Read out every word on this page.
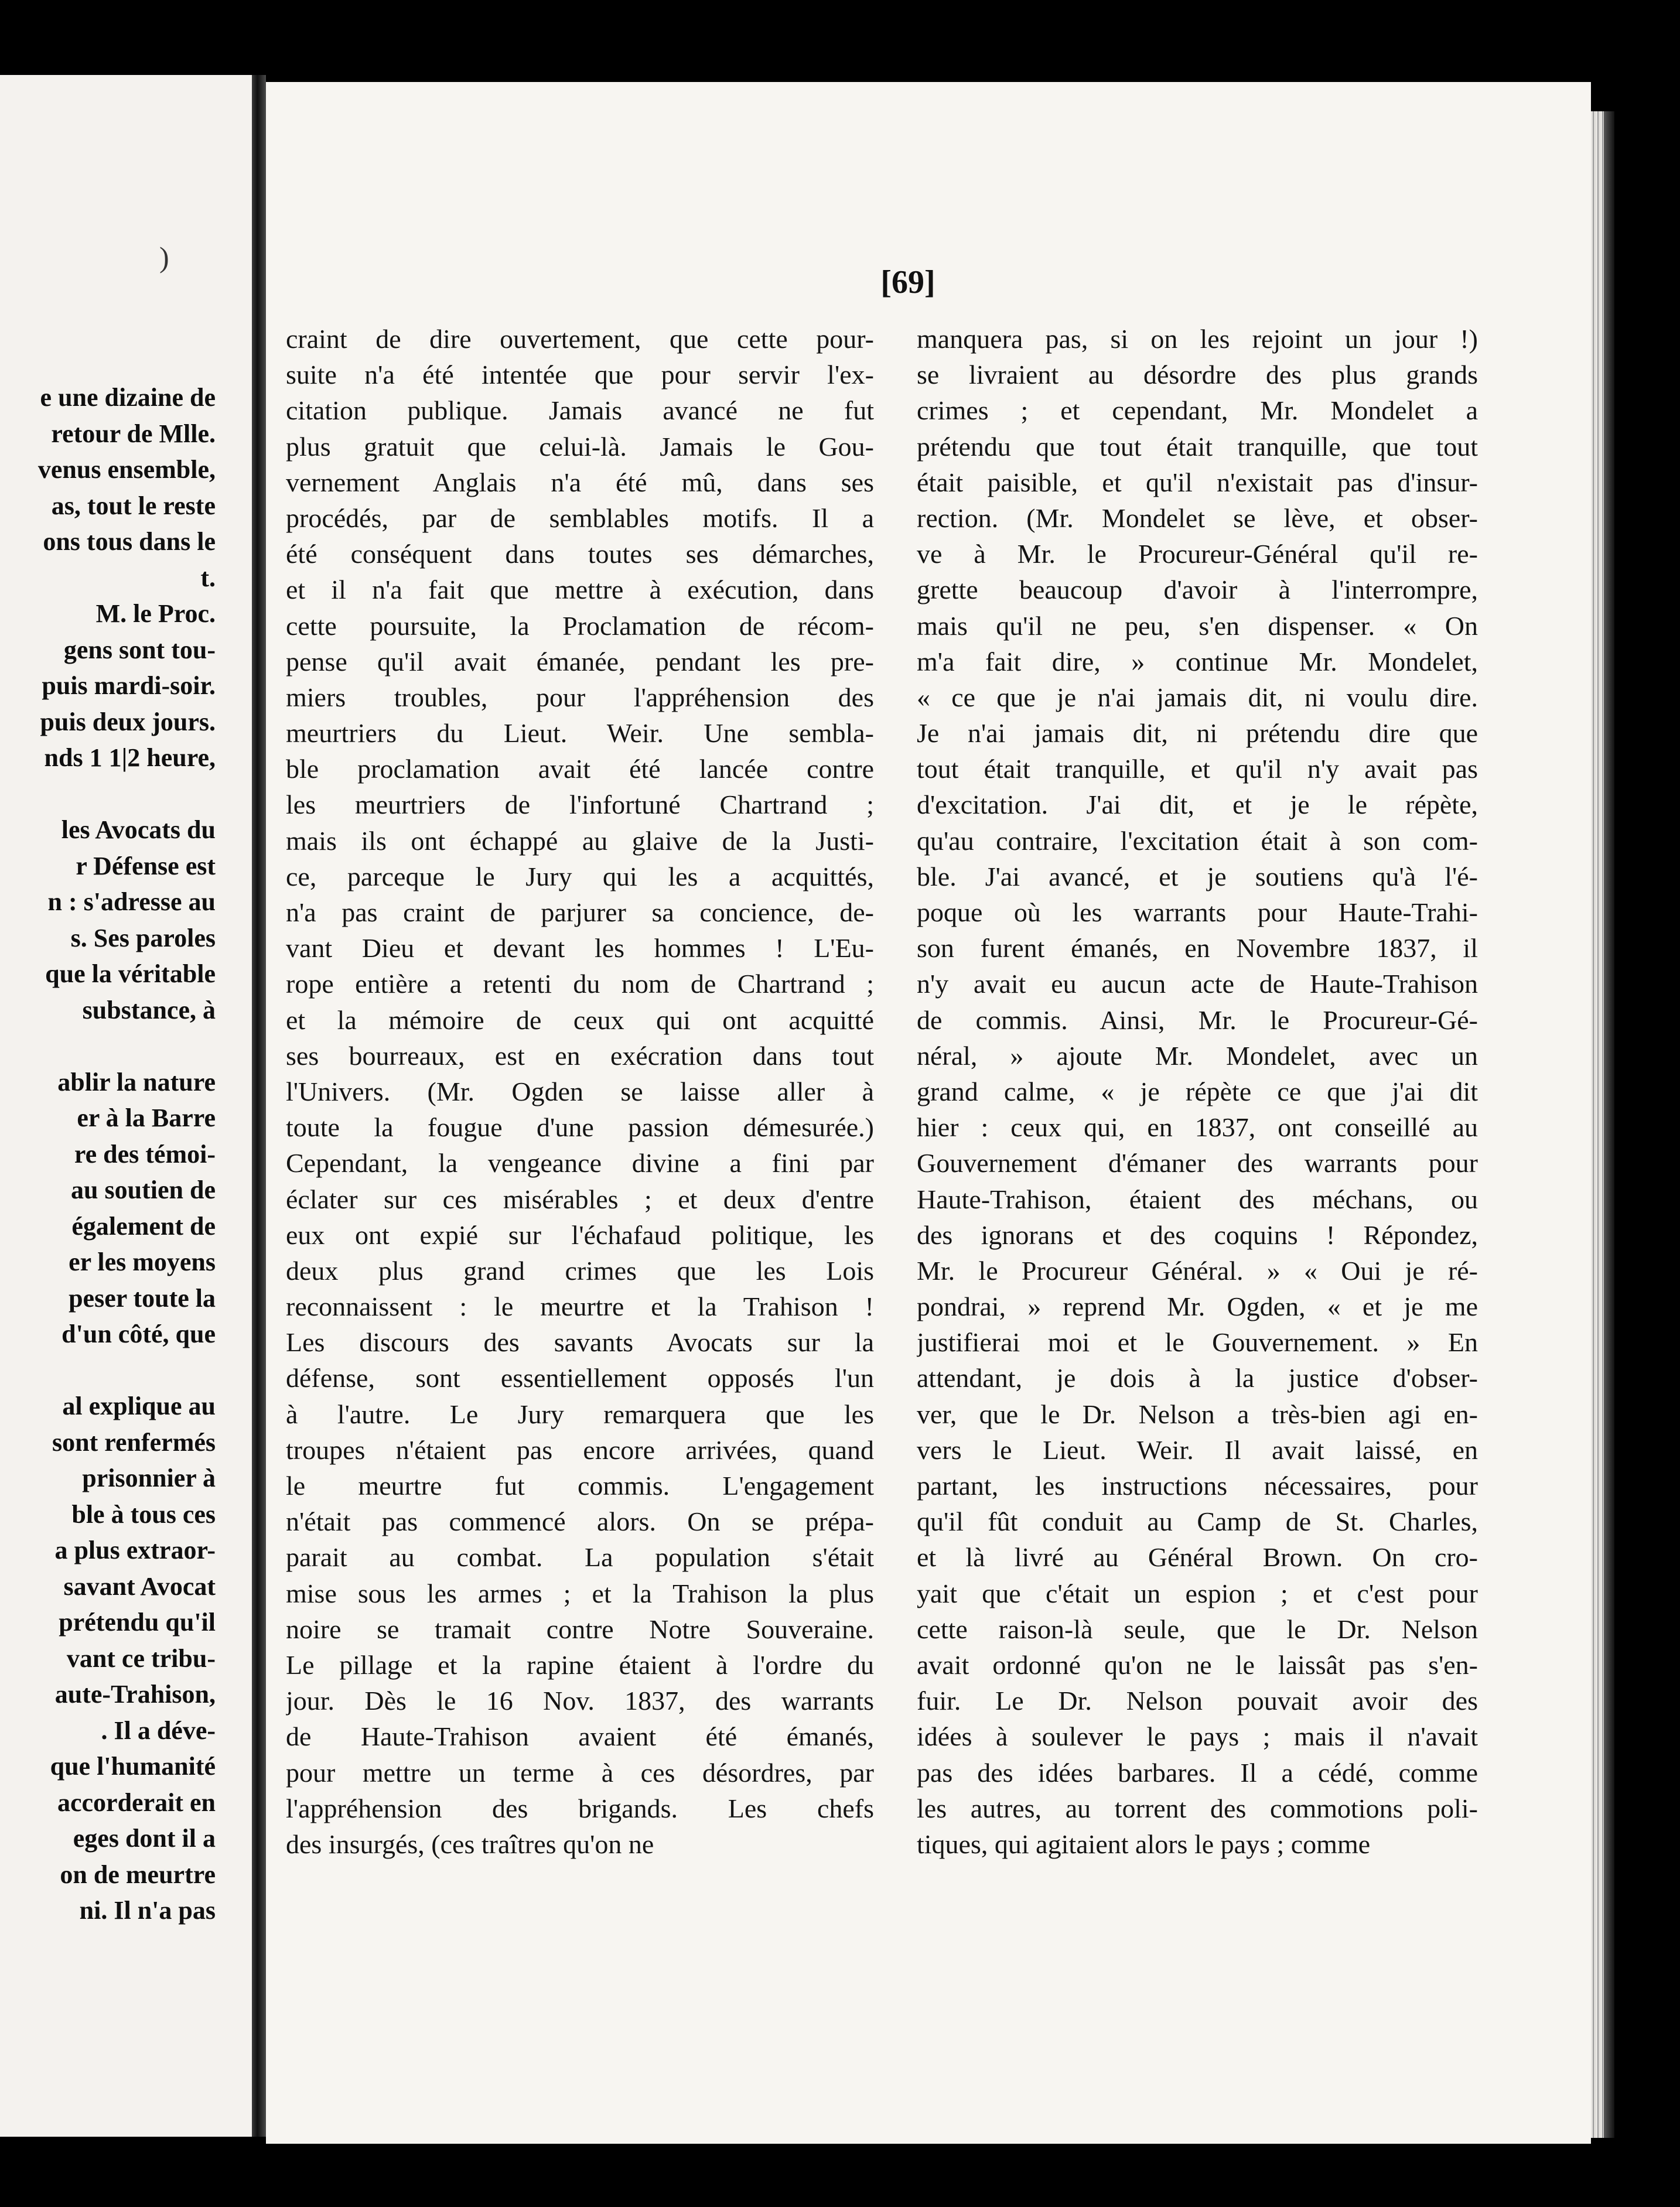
)
e une dizaine de
retour de Mlle.
venus ensemble,
as, tout le reste
ons tous dans le
t.
M. le Proc.
gens sont tou-
puis mardi-soir.
puis deux jours.
nds 1 1|2 heure,
les Avocats du
r Défense est
n : s'adresse au
s. Ses paroles
que la véritable
substance, à
ablir la nature
er à la Barre
re des témoi-
au soutien de
également de
er les moyens
peser toute la
d'un côté, que
al explique au
sont renfermés
prisonnier à
ble à tous ces
a plus extraor-
savant Avocat
prétendu qu'il
vant ce tribu-
aute-Trahison,
. Il a déve-
que l'humanité
accorderait en
eges dont il a
on de meurtre
ni. Il n'a pas
[69]
craint de dire ouvertement, que cette pour-
suite n'a été intentée que pour servir l'ex-
citation publique. Jamais avancé ne fut
plus gratuit que celui-là. Jamais le Gou-
vernement Anglais n'a été mû, dans ses
procédés, par de semblables motifs. Il a
été conséquent dans toutes ses démarches,
et il n'a fait que mettre à exécution, dans
cette poursuite, la Proclamation de récom-
pense qu'il avait émanée, pendant les pre-
miers troubles, pour l'appréhension des
meurtriers du Lieut. Weir. Une sembla-
ble proclamation avait été lancée contre
les meurtriers de l'infortuné Chartrand ;
mais ils ont échappé au glaive de la Justi-
ce, parceque le Jury qui les a acquittés,
n'a pas craint de parjurer sa concience, de-
vant Dieu et devant les hommes ! L'Eu-
rope entière a retenti du nom de Chartrand ;
et la mémoire de ceux qui ont acquitté
ses bourreaux, est en exécration dans tout
l'Univers. (Mr. Ogden se laisse aller à
toute la fougue d'une passion démesurée.)
Cependant, la vengeance divine a fini par
éclater sur ces misérables ; et deux d'entre
eux ont expié sur l'échafaud politique, les
deux plus grand crimes que les Lois
reconnaissent : le meurtre et la Trahison !
Les discours des savants Avocats sur la
défense, sont essentiellement opposés l'un
à l'autre. Le Jury remarquera que les
troupes n'étaient pas encore arrivées, quand
le meurtre fut commis. L'engagement
n'était pas commencé alors. On se prépa-
parait au combat. La population s'était
mise sous les armes ; et la Trahison la plus
noire se tramait contre Notre Souveraine.
Le pillage et la rapine étaient à l'ordre du
jour. Dès le 16 Nov. 1837, des warrants
de Haute-Trahison avaient été émanés,
pour mettre un terme à ces désordres, par
l'appréhension des brigands. Les chefs
des insurgés, (ces traîtres qu'on ne
manquera pas, si on les rejoint un jour !)
se livraient au désordre des plus grands
crimes ; et cependant, Mr. Mondelet a
prétendu que tout était tranquille, que tout
était paisible, et qu'il n'existait pas d'insur-
rection. (Mr. Mondelet se lève, et obser-
ve à Mr. le Procureur-Général qu'il re-
grette beaucoup d'avoir à l'interrompre,
mais qu'il ne peu, s'en dispenser. « On
m'a fait dire, » continue Mr. Mondelet,
« ce que je n'ai jamais dit, ni voulu dire.
Je n'ai jamais dit, ni prétendu dire que
tout était tranquille, et qu'il n'y avait pas
d'excitation. J'ai dit, et je le répète,
qu'au contraire, l'excitation était à son com-
ble. J'ai avancé, et je soutiens qu'à l'é-
poque où les warrants pour Haute-Trahi-
son furent émanés, en Novembre 1837, il
n'y avait eu aucun acte de Haute-Trahison
de commis. Ainsi, Mr. le Procureur-Gé-
néral, » ajoute Mr. Mondelet, avec un
grand calme, « je répète ce que j'ai dit
hier : ceux qui, en 1837, ont conseillé au
Gouvernement d'émaner des warrants pour
Haute-Trahison, étaient des méchans, ou
des ignorans et des coquins ! Répondez,
Mr. le Procureur Général. » « Oui je ré-
pondrai, » reprend Mr. Ogden, « et je me
justifierai moi et le Gouvernement. » En
attendant, je dois à la justice d'obser-
ver, que le Dr. Nelson a très-bien agi en-
vers le Lieut. Weir. Il avait laissé, en
partant, les instructions nécessaires, pour
qu'il fût conduit au Camp de St. Charles,
et là livré au Général Brown. On cro-
yait que c'était un espion ; et c'est pour
cette raison-là seule, que le Dr. Nelson
avait ordonné qu'on ne le laissât pas s'en-
fuir. Le Dr. Nelson pouvait avoir des
idées à soulever le pays ; mais il n'avait
pas des idées barbares. Il a cédé, comme
les autres, au torrent des commotions poli-
tiques, qui agitaient alors le pays ; comme
